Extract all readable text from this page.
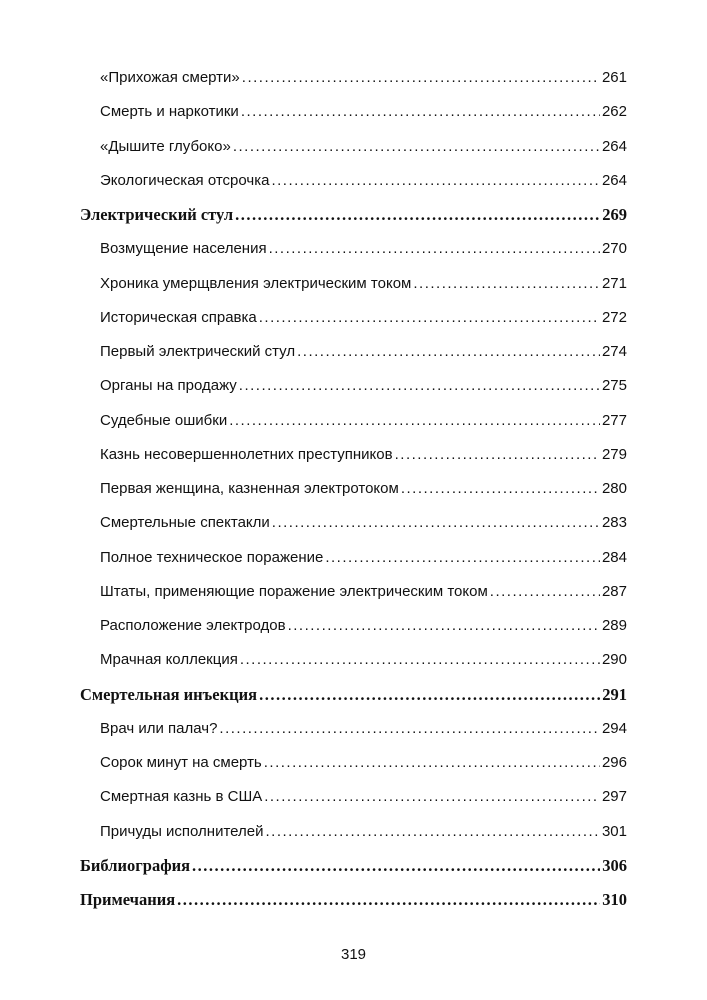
«Прихожая смерти» .....	261
Смерть и наркотики .....	262
«Дышите глубоко» .....	264
Экологическая отсрочка .....	264
Электрический стул .....	269
Возмущение населения .....	270
Хроника умерщвления электрическим током .....	271
Историческая справка .....	272
Первый электрический стул .....	274
Органы на продажу .....	275
Судебные ошибки .....	277
Казнь несовершеннолетних преступников .....	279
Первая женщина, казненная электротоком .....	280
Смертельные спектакли .....	283
Полное техническое поражение .....	284
Штаты, применяющие поражение электрическим током .....	287
Расположение электродов .....	289
Мрачная коллекция .....	290
Смертельная инъекция .....	291
Врач или палач? .....	294
Сорок минут на смерть .....	296
Смертная казнь в США .....	297
Причуды исполнителей .....	301
Библиография .....	306
Примечания .....	310
319
